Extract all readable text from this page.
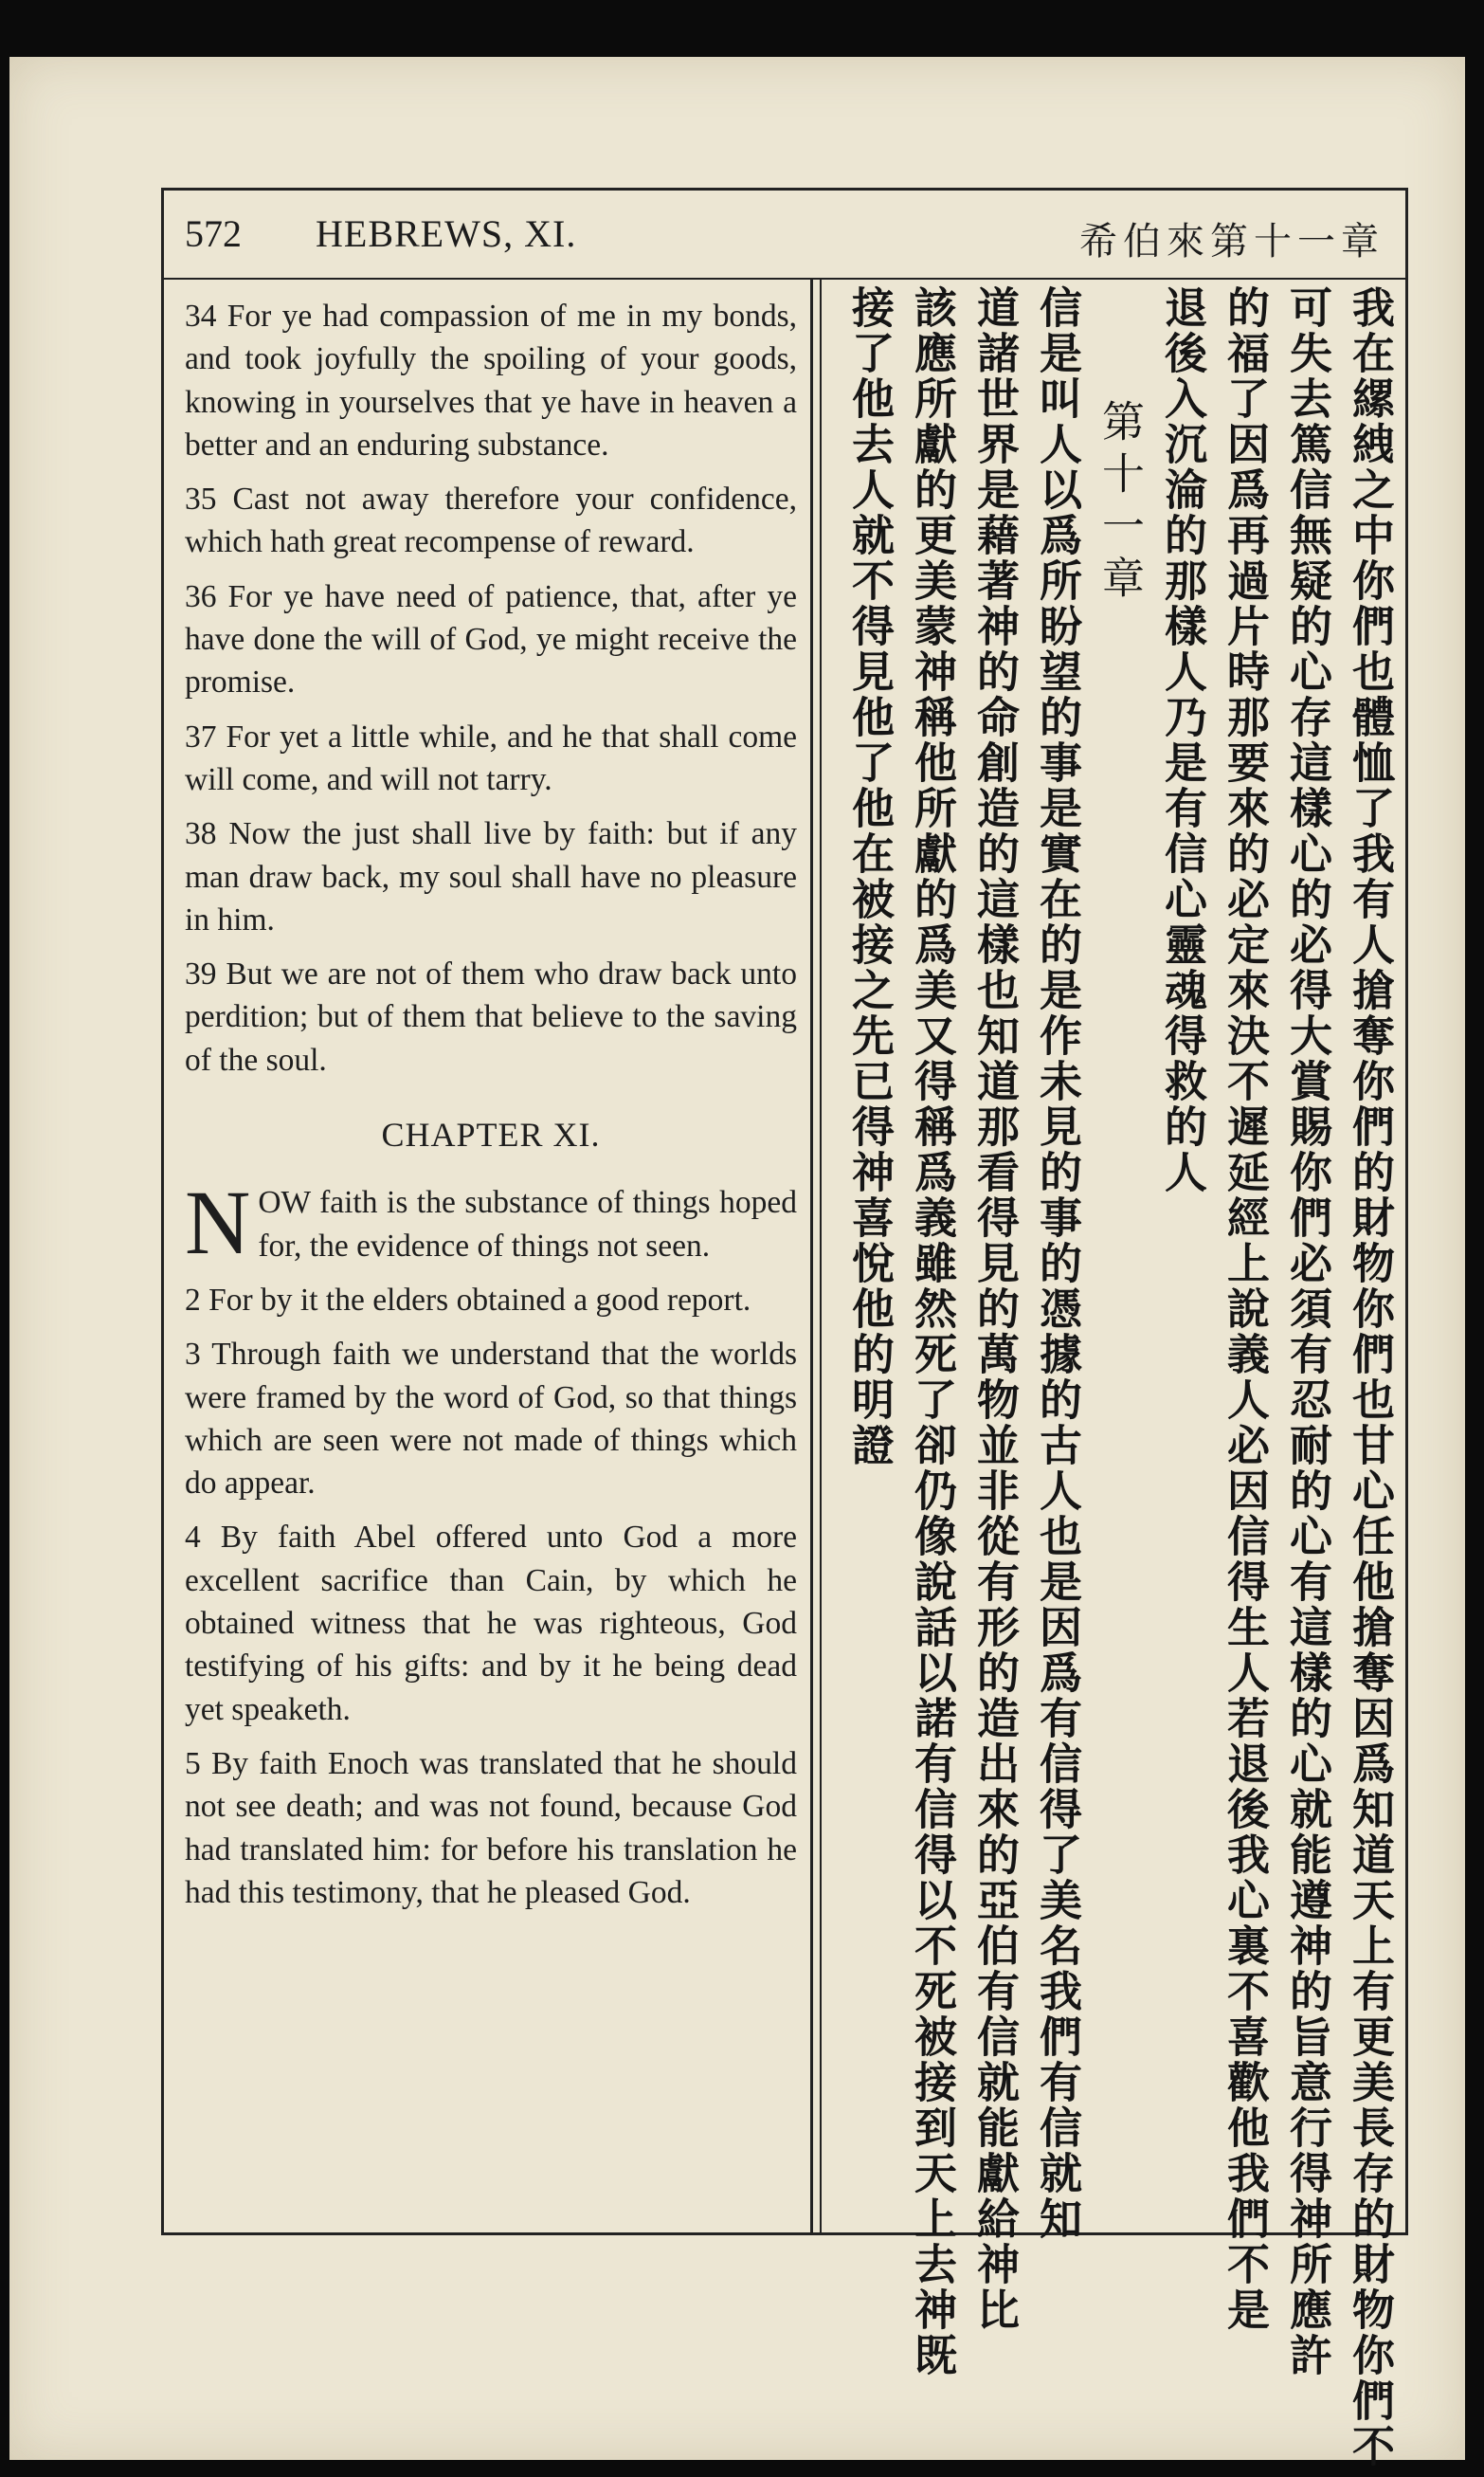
572 HEBREWS, XI.	希伯來第十一章
34 For ye had compassion of me in my bonds, and took joyfully the spoiling of your goods, knowing in yourselves that ye have in heaven a better and an enduring substance.
35 Cast not away therefore your confidence, which hath great recompense of reward.
36 For ye have need of patience, that, after ye have done the will of God, ye might receive the promise.
37 For yet a little while, and he that shall come will come, and will not tarry.
38 Now the just shall live by faith: but if any man draw back, my soul shall have no pleasure in him.
39 But we are not of them who draw back unto perdition; but of them that believe to the saving of the soul.
CHAPTER XI.
NOW faith is the substance of things hoped for, the evidence of things not seen.
2 For by it the elders obtained a good report.
3 Through faith we understand that the worlds were framed by the word of God, so that things which are seen were not made of things which do appear.
4 By faith Abel offered unto God a more excellent sacrifice than Cain, by which he obtained witness that he was righteous, God testifying of his gifts: and by it he being dead yet speaketh.
5 By faith Enoch was translated that he should not see death; and was not found, because God had translated him: for before his translation he had this testimony, that he pleased God.	我在縲絏之中你們也體恤了我有人搶奪你們的財物你們也甘心任他搶奪因爲知道天上有更美長存的財物你們不
可失去篤信無疑的心存這樣心的必得大賞賜你們必須有忍耐的心有這樣的心就能遵神的旨意行得神所應許
的福了因爲再過片時那要來的必定來決不遲延經上說義人必因信得生人若退後我心裏不喜歡他我們不是
退後入沉淪的那樣人乃是有信心靈魂得救的人
第十一章
信是叫人以爲所盼望的事是實在的是作未見的事的憑據的古人也是因爲有信得了美名我們有信就知
道諸世界是藉著神的命創造的這樣也知道那看得見的萬物並非從有形的造出來的亞伯有信就能獻給神比
該應所獻的更美蒙神稱他所獻的爲美又得稱爲義雖然死了卻仍像說話以諾有信得以不死被接到天上去神既
接了他去人就不得見他了他在被接之先已得神喜悅他的明證
